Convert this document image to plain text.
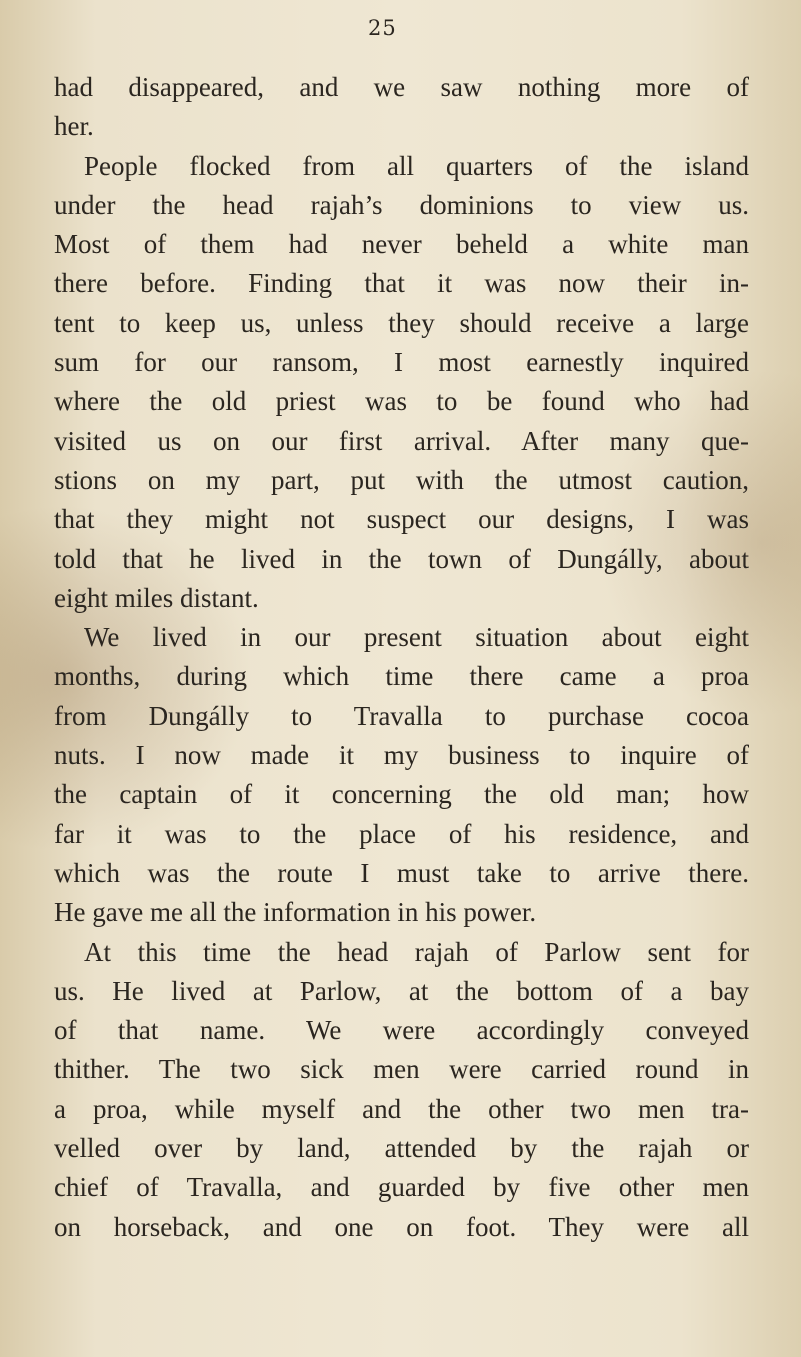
25
had disappeared, and we saw nothing more of
her.
People flocked from all quarters of the island
under the head rajah’s dominions to view us.
Most of them had never beheld a white man
there before. Finding that it was now their in-
tent to keep us, unless they should receive a large
sum for our ransom, I most earnestly inquired
where the old priest was to be found who had
visited us on our first arrival. After many que-
stions on my part, put with the utmost caution,
that they might not suspect our designs, I was
told that he lived in the town of Dungálly, about
eight miles distant.
We lived in our present situation about eight
months, during which time there came a proa
from Dungálly to Travalla to purchase cocoa
nuts. I now made it my business to inquire of
the captain of it concerning the old man; how
far it was to the place of his residence, and
which was the route I must take to arrive there.
He gave me all the information in his power.
At this time the head rajah of Parlow sent for
us. He lived at Parlow, at the bottom of a bay
of that name. We were accordingly conveyed
thither. The two sick men were carried round in
a proa, while myself and the other two men tra-
velled over by land, attended by the rajah or
chief of Travalla, and guarded by five other men
on horseback, and one on foot. They were all
